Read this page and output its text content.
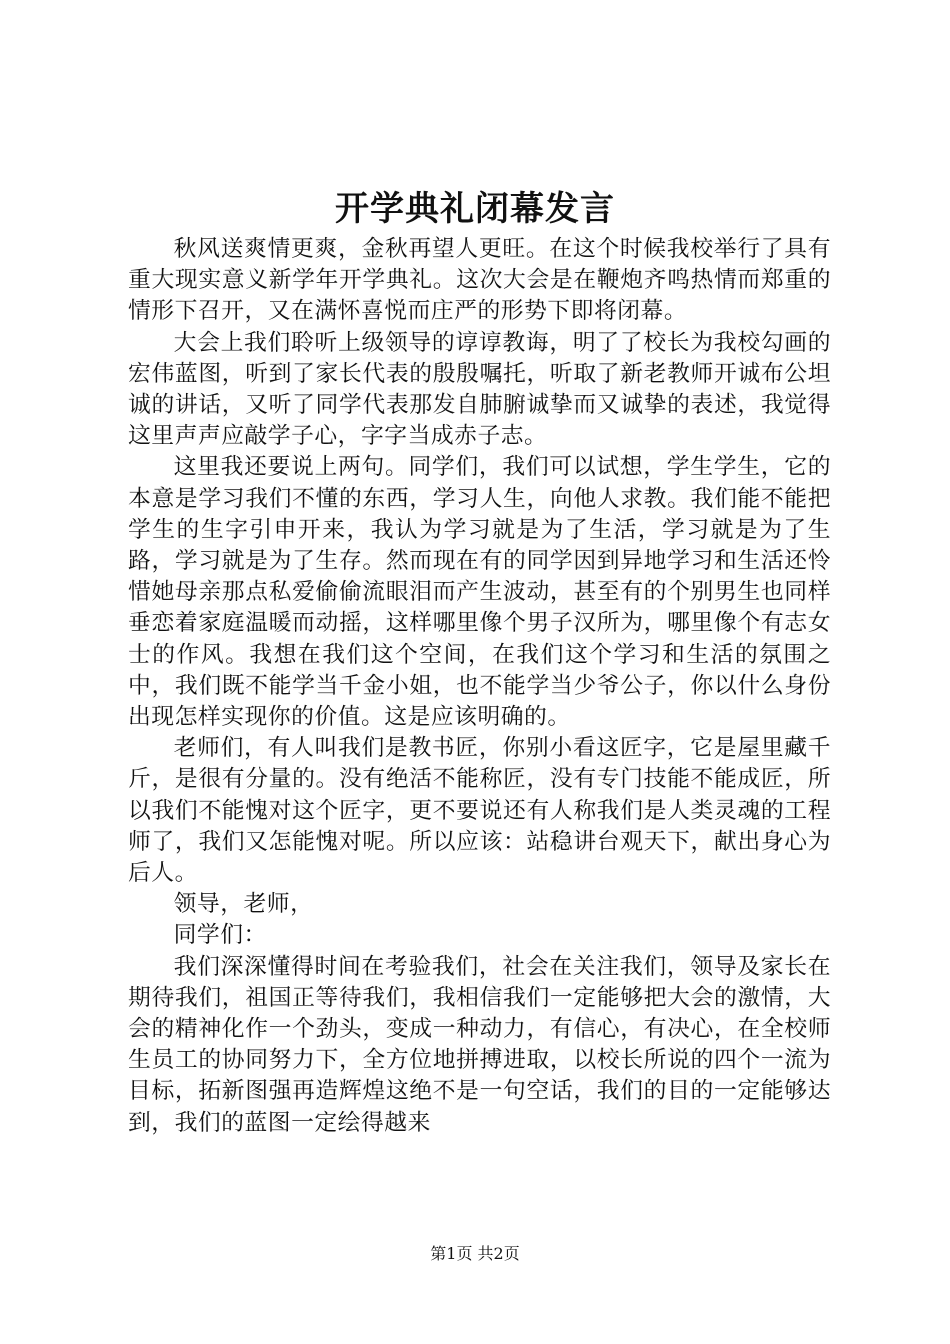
开学典礼闭幕发言

秋风送爽情更爽，金秋再望人更旺。在这个时候我校举行了具有重大现实意义新学年开学典礼。这次大会是在鞭炮齐鸣热情而郑重的情形下召开，又在满怀喜悦而庄严的形势下即将闭幕。

大会上我们聆听上级领导的谆谆教诲，明了了校长为我校勾画的宏伟蓝图，听到了家长代表的殷殷嘱托，听取了新老教师开诚布公坦诚的讲话，又听了同学代表那发自肺腑诚挚而又诚挚的表述，我觉得这里声声应敲学子心，字字当成赤子志。

这里我还要说上两句。同学们，我们可以试想，学生学生，它的本意是学习我们不懂的东西，学习人生，向他人求教。我们能不能把学生的生字引申开来，我认为学习就是为了生活，学习就是为了生路，学习就是为了生存。然而现在有的同学因到异地学习和生活还怜惜她母亲那点私爱偷偷流眼泪而产生波动，甚至有的个别男生也同样垂恋着家庭温暖而动摇，这样哪里像个男子汉所为，哪里像个有志女士的作风。我想在我们这个空间，在我们这个学习和生活的氛围之中，我们既不能学当千金小姐，也不能学当少爷公子，你以什么身份出现怎样实现你的价值。这是应该明确的。

老师们，有人叫我们是教书匠，你别小看这匠字，它是屋里藏千斤，是很有分量的。没有绝活不能称匠，没有专门技能不能成匠，所以我们不能愧对这个匠字，更不要说还有人称我们是人类灵魂的工程师了，我们又怎能愧对呢。所以应该：站稳讲台观天下，献出身心为后人。

领导，老师，

同学们：

我们深深懂得时间在考验我们，社会在关注我们，领导及家长在期待我们，祖国正等待我们，我相信我们一定能够把大会的激情，大会的精神化作一个劲头，变成一种动力，有信心，有决心，在全校师生员工的协同努力下，全方位地拼搏进取，以校长所说的四个一流为目标，拓新图强再造辉煌这绝不是一句空话，我们的目的一定能够达到，我们的蓝图一定绘得越来

第1页 共2页
